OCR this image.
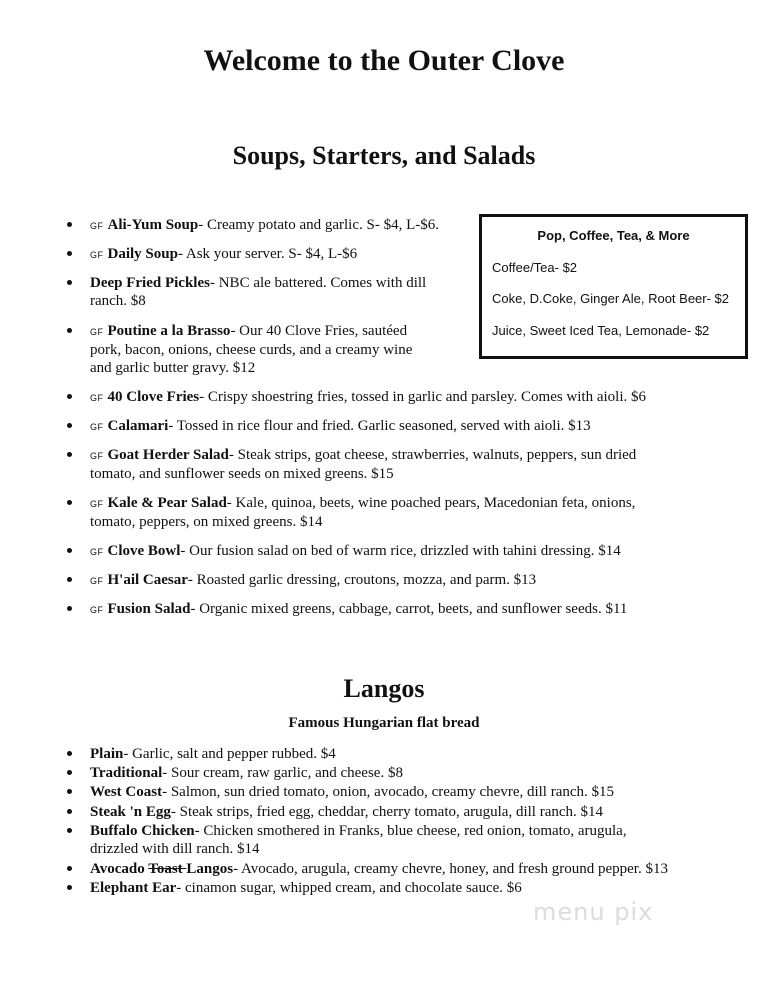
Welcome to the Outer Clove
Soups, Starters, and Salads
GF Ali-Yum Soup- Creamy potato and garlic. S- $4, L-$6.
GF Daily Soup- Ask your server. S- $4, L-$6
Deep Fried Pickles- NBC ale battered. Comes with dill
ranch. $8
GF Poutine a la Brasso- Our 40 Clove Fries, sautéed
pork, bacon, onions, cheese curds, and a creamy wine
and garlic butter gravy. $12
GF 40 Clove Fries- Crispy shoestring fries, tossed in garlic and parsley. Comes with aioli. $6
GF Calamari- Tossed in rice flour and fried. Garlic seasoned, served with aioli. $13
GF Goat Herder Salad- Steak strips, goat cheese, strawberries, walnuts, peppers, sun dried
tomato, and sunflower seeds on mixed greens. $15
GF Kale & Pear Salad- Kale, quinoa, beets, wine poached pears, Macedonian feta, onions,
tomato, peppers, on mixed greens. $14
GF Clove Bowl- Our fusion salad on bed of warm rice, drizzled with tahini dressing. $14
GF H'ail Caesar- Roasted garlic dressing, croutons, mozza, and parm. $13
GF Fusion Salad- Organic mixed greens, cabbage, carrot, beets, and sunflower seeds. $11
Pop, Coffee, Tea, & More
Coffee/Tea- $2
Coke, D.Coke, Ginger Ale, Root Beer- $2
Juice, Sweet Iced Tea, Lemonade- $2
Langos
Famous Hungarian flat bread
Plain- Garlic, salt and pepper rubbed. $4
Traditional- Sour cream, raw garlic, and cheese. $8
West Coast- Salmon, sun dried tomato, onion, avocado, creamy chevre, dill ranch. $15
Steak 'n Egg- Steak strips, fried egg, cheddar, cherry tomato, arugula, dill ranch. $14
Buffalo Chicken- Chicken smothered in Franks, blue cheese, red onion, tomato, arugula,
drizzled with dill ranch. $14
Avocado Toast Langos- Avocado, arugula, creamy chevre, honey, and fresh ground pepper. $13
Elephant Ear- cinamon sugar, whipped cream, and chocolate sauce. $6
menu pix
